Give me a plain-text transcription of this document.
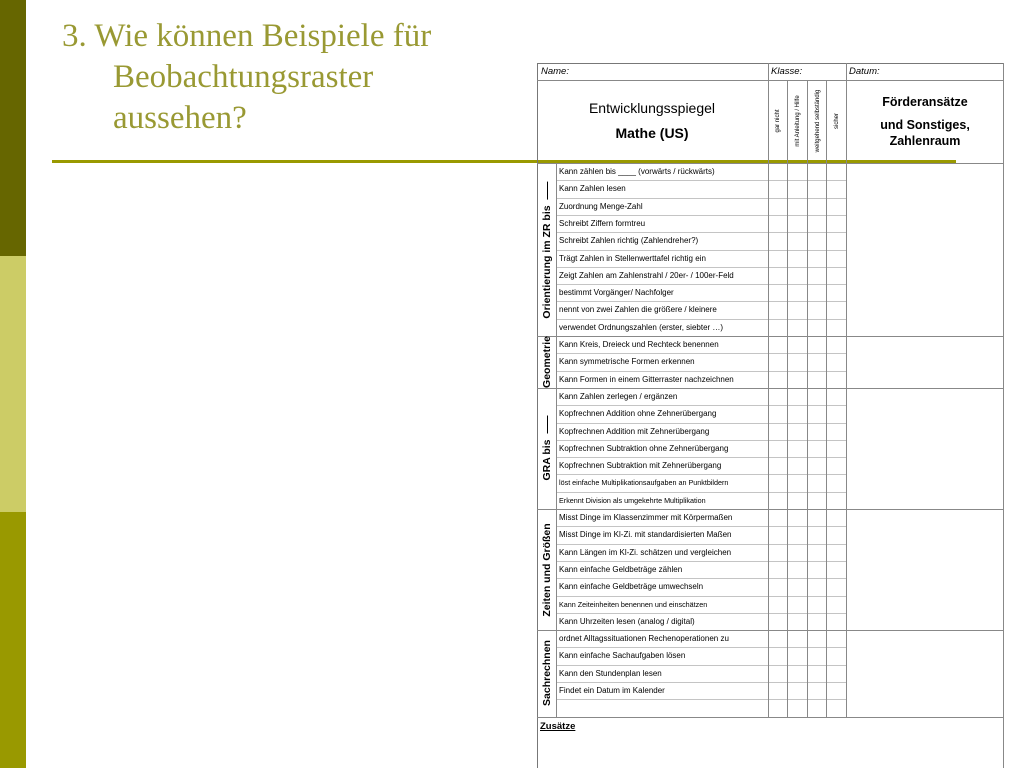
3. Wie können Beispiele für
Beobachtungsraster
aussehen?
Name:	Klasse:	Datum:
Entwicklungsspiegel
Mathe (US)
gar nicht mit Anleitung / Hilfe weitgehend selbständig sicher
Förderansätze
und Sonstiges, Zahlenraum
Kann zählen bis ____ (vorwärts / rückwärts)
Kann Zahlen lesen
Zuordnung Menge-Zahl
Schreibt Ziffern formtreu
Schreibt Zahlen richtig (Zahlendreher?)
Trägt Zahlen in Stellenwerttafel richtig ein
Zeigt Zahlen am Zahlenstrahl / 20er- / 100er-Feld
bestimmt Vorgänger/ Nachfolger
nennt von zwei Zahlen die größere / kleinere
verwendet Ordnungszahlen (erster, siebter …)
Orientierung im ZR bis
Kann Kreis, Dreieck und Rechteck benennen
Kann symmetrische Formen erkennen
Kann Formen in einem Gitterraster nachzeichnen
Geometrie
Kann Zahlen zerlegen / ergänzen
Kopfrechnen Addition ohne Zehnerübergang
Kopfrechnen Addition mit Zehnerübergang
Kopfrechnen Subtraktion ohne Zehnerübergang
Kopfrechnen Subtraktion mit Zehnerübergang
löst einfache Multiplikationsaufgaben an Punktbildern
Erkennt Division als umgekehrte Multiplikation
GRA bis
Misst Dinge im Klassenzimmer mit Körpermaßen
Misst Dinge im Kl-Zi. mit standardisierten Maßen
Kann Längen im Kl-Zi. schätzen und vergleichen
Kann einfache Geldbeträge zählen
Kann einfache Geldbeträge umwechseln
Kann Zeiteinheiten benennen und einschätzen
Kann Uhrzeiten lesen (analog / digital)
Zeiten und Größen
ordnet Alltagssituationen Rechenoperationen zu
Kann einfache Sachaufgaben lösen
Kann den Stundenplan lesen
Findet ein Datum im Kalender
Sachrechnen
Zusätze
